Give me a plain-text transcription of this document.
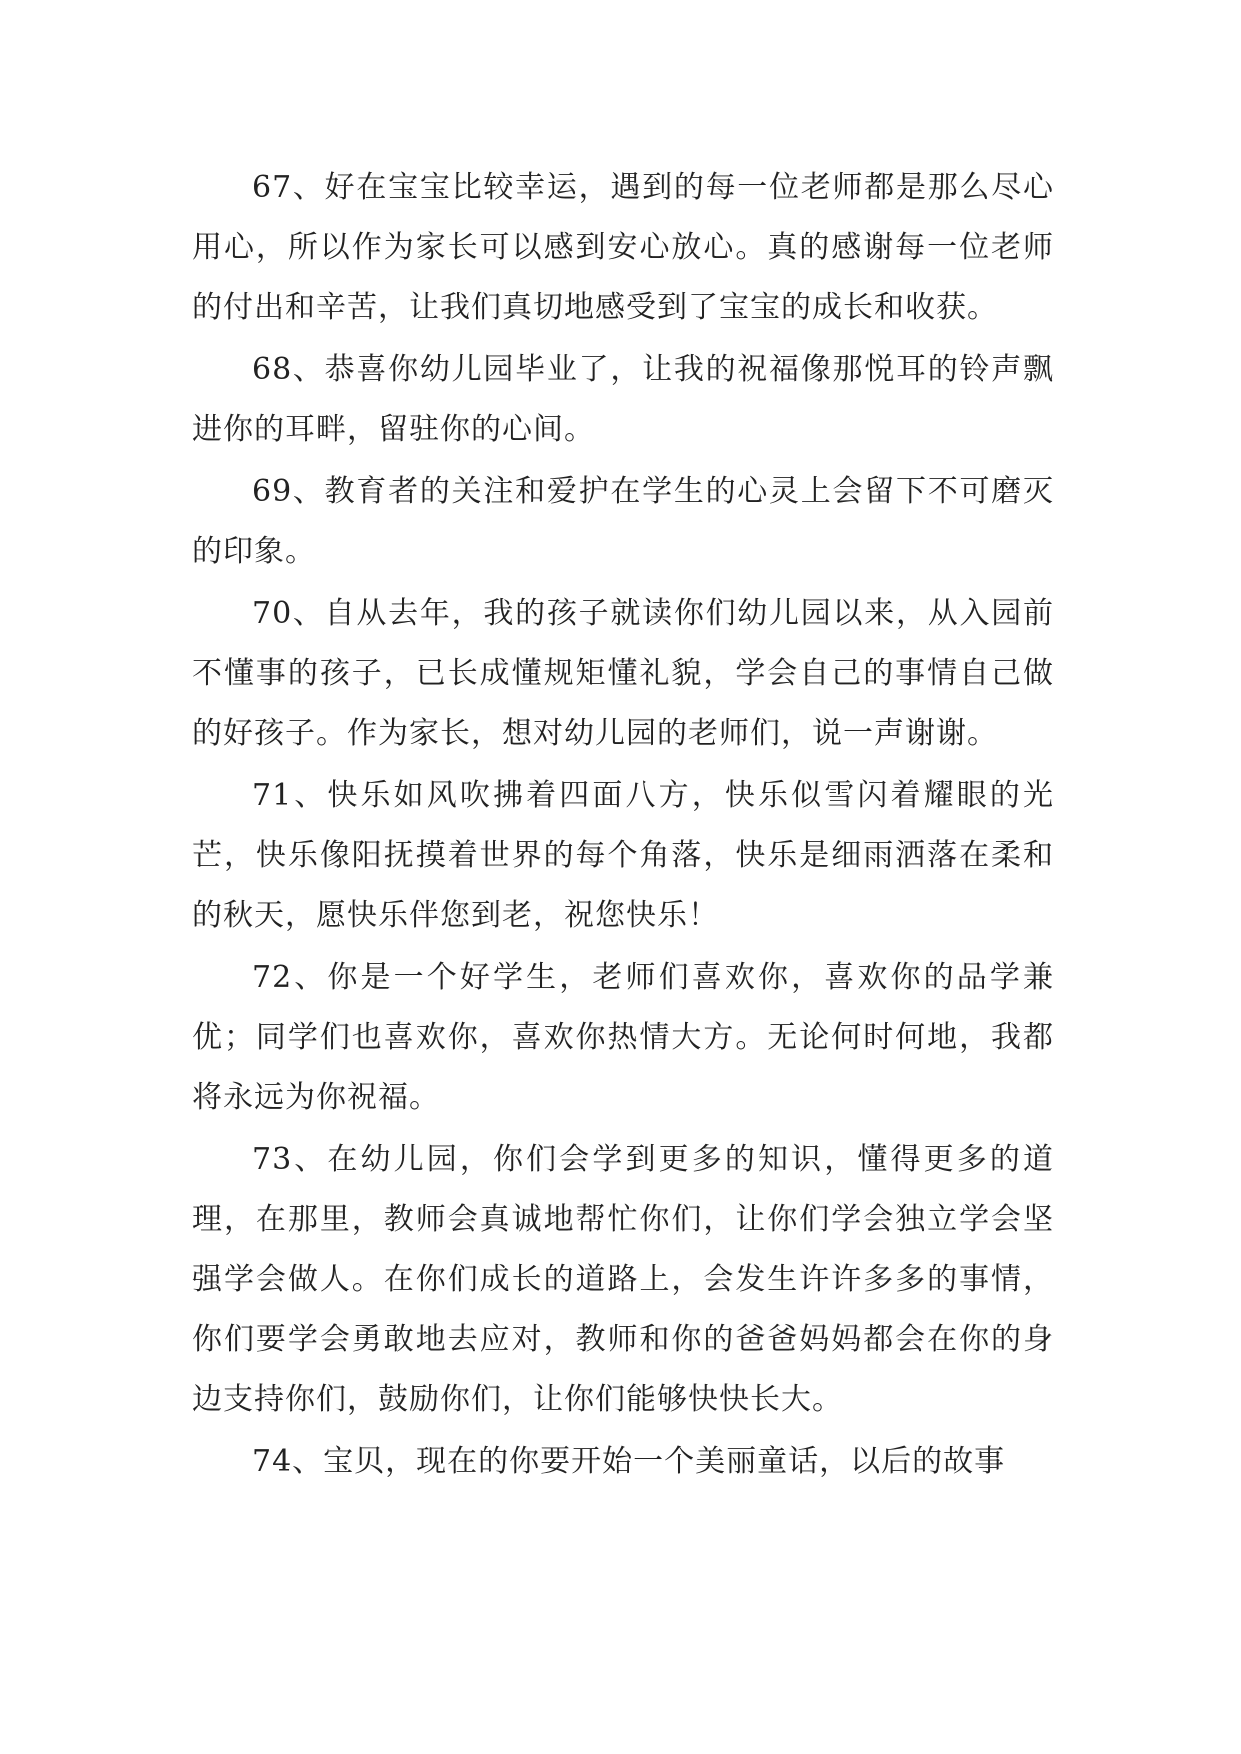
67、好在宝宝比较幸运，遇到的每一位老师都是那么尽心用心，所以作为家长可以感到安心放心。真的感谢每一位老师的付出和辛苦，让我们真切地感受到了宝宝的成长和收获。

68、恭喜你幼儿园毕业了，让我的祝福像那悦耳的铃声飘进你的耳畔，留驻你的心间。

69、教育者的关注和爱护在学生的心灵上会留下不可磨灭的印象。

70、自从去年，我的孩子就读你们幼儿园以来，从入园前不懂事的孩子，已长成懂规矩懂礼貌，学会自己的事情自己做的好孩子。作为家长，想对幼儿园的老师们，说一声谢谢。

71、快乐如风吹拂着四面八方，快乐似雪闪着耀眼的光芒，快乐像阳抚摸着世界的每个角落，快乐是细雨洒落在柔和的秋天，愿快乐伴您到老，祝您快乐！

72、你是一个好学生，老师们喜欢你，喜欢你的品学兼优；同学们也喜欢你，喜欢你热情大方。无论何时何地，我都将永远为你祝福。

73、在幼儿园，你们会学到更多的知识，懂得更多的道理，在那里，教师会真诚地帮忙你们，让你们学会独立学会坚强学会做人。在你们成长的道路上，会发生许许多多的事情，你们要学会勇敢地去应对，教师和你的爸爸妈妈都会在你的身边支持你们，鼓励你们，让你们能够快快长大。

74、宝贝，现在的你要开始一个美丽童话，以后的故事
